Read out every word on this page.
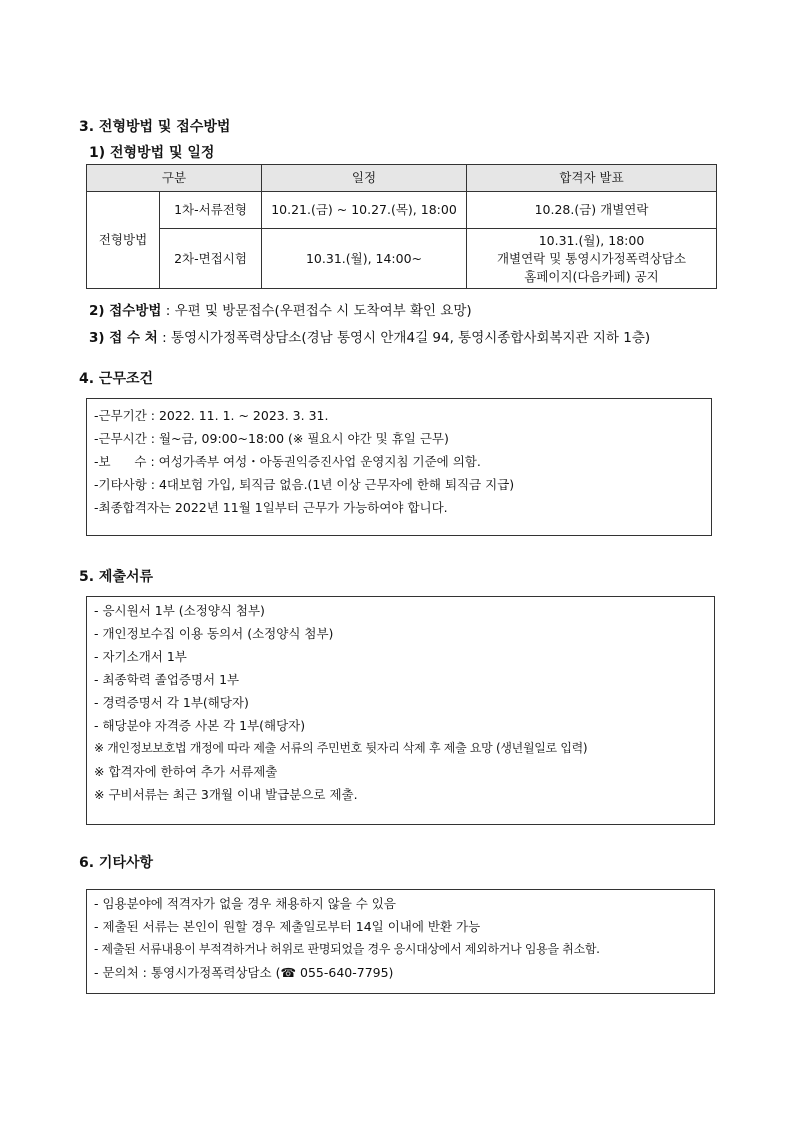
3. 전형방법 및 접수방법
1) 전형방법 및 일정
구분		일정	합격자 발표
전형방법	1차-서류전형	10.21.(금) ~ 10.27.(목), 18:00	10.28.(금) 개별연락

	2차-면접시험	10.31.(월), 14:00~	10.31.(월), 18:00
개별연락 및 통영시가정폭력상담소
홈페이지(다음카페) 공지
2) 접수방법 : 우편 및 방문접수(우편접수 시 도착여부 확인 요망)
3) 접 수 처 : 통영시가정폭력상담소(경남 통영시 안개4길 94, 통영시종합사회복지관 지하 1층)
4. 근무조건
-근무기간 : 2022. 11. 1. ~ 2023. 3. 31.
-근무시간 : 월~금, 09:00~18:00 (※ 필요시 야간 및 휴일 근무)
-보      수 : 여성가족부 여성・아동권익증진사업 운영지침 기준에 의함.
-기타사항 : 4대보험 가입, 퇴직금 없음.(1년 이상 근무자에 한해 퇴직금 지급)
-최종합격자는 2022년 11월 1일부터 근무가 가능하여야 합니다.
5. 제출서류
- 응시원서 1부 (소정양식 첨부)
- 개인정보수집 이용 동의서 (소정양식 첨부)
- 자기소개서 1부
- 최종학력 졸업증명서 1부
- 경력증명서 각 1부(해당자)
- 해당분야 자격증 사본 각 1부(해당자)
※ 개인정보보호법 개정에 따라 제출 서류의 주민번호 뒷자리 삭제 후 제출 요망 (생년월일로 입력)
※ 합격자에 한하여 추가 서류제출
※ 구비서류는 최근 3개월 이내 발급분으로 제출.
6. 기타사항
- 임용분야에 적격자가 없을 경우 채용하지 않을 수 있음
- 제출된 서류는 본인이 원할 경우 제출일로부터 14일 이내에 반환 가능
- 제출된 서류내용이 부적격하거나 허위로 판명되었을 경우 응시대상에서 제외하거나 임용을 취소함.
- 문의처 : 통영시가정폭력상담소 (☎ 055-640-7795)
